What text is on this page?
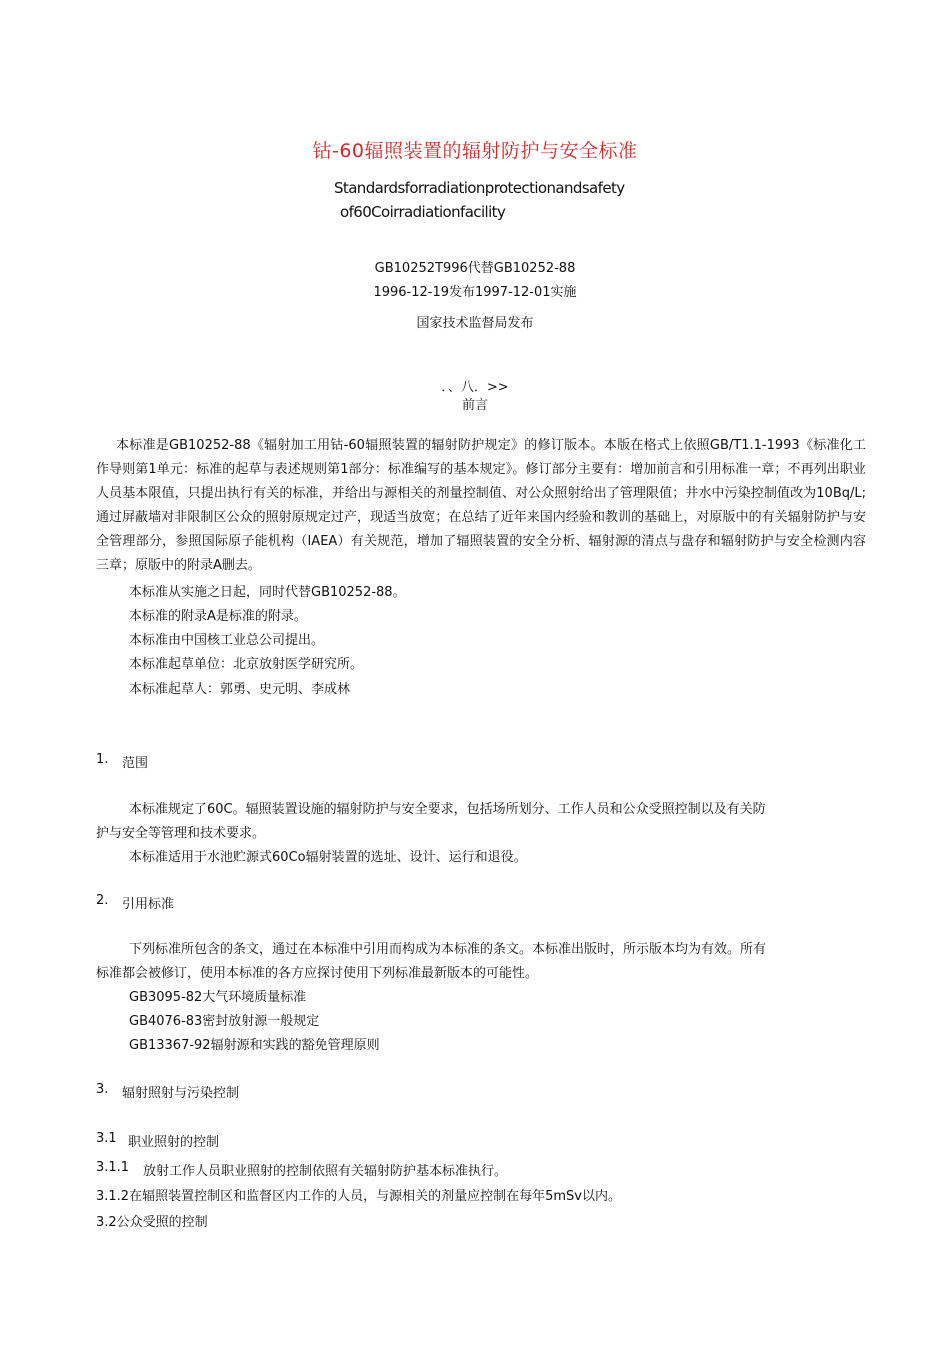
钴-60辐照装置的辐射防护与安全标准
Standardsforradiationprotectionandsafety
of60Coirradiationfacility
GB10252T996代替GB10252-88
1996-12-19发布1997-12-01实施
国家技术监督局发布
．、八．>>
前言
本标准是GB10252-88《辐射加工用钴-60辐照装置的辐射防护规定》的修订版本。本版在格式上依照GB/T1.1-1993《标准化工作导则第1单元：标准的起草与表述规则第1部分：标准编写的基本规定》。修订部分主要有：增加前言和引用标准一章；不再列出职业人员基本限值，只提出执行有关的标准，并给出与源相关的剂量控制值、对公众照射给出了管理限值；井水中污染控制值改为10Bq/L;通过屏蔽墙对非限制区公众的照射原规定过产，现适当放宽；在总结了近年来国内经验和教训的基础上，对原版中的有关辐射防护与安全管理部分，参照国际原子能机构（IAEA）有关规范，增加了辐照装置的安全分析、辐射源的清点与盘存和辐射防护与安全检测内容三章；原版中的附录A删去。
本标准从实施之日起，同时代替GB10252-88。
本标准的附录A是标准的附录。
本标准由中国核工业总公司提出。
本标准起草单位：北京放射医学研究所。
本标准起草人：郭勇、史元明、李成林
1. 范围
本标准规定了60C。辐照装置设施的辐射防护与安全要求，包括场所划分、工作人员和公众受照控制以及有关防
护与安全等管理和技术要求。
本标准适用于水池贮源式60Co辐射装置的选址、设计、运行和退役。
2. 引用标准
下列标准所包含的条文，通过在本标准中引用而构成为本标准的条文。本标准出版时，所示版本均为有效。所有
标准都会被修订，使用本标准的各方应探讨使用下列标准最新版本的可能性。
GB3095-82大气环境质量标准
GB4076-83密封放射源一般规定
GB13367-92辐射源和实践的豁免管理原则
3. 辐射照射与污染控制
3.1 职业照射的控制
3.1.1 放射工作人员职业照射的控制依照有关辐射防护基本标准执行。
3.1.2在辐照装置控制区和监督区内工作的人员，与源相关的剂量应控制在每年5mSv以内。
3.2公众受照的控制
